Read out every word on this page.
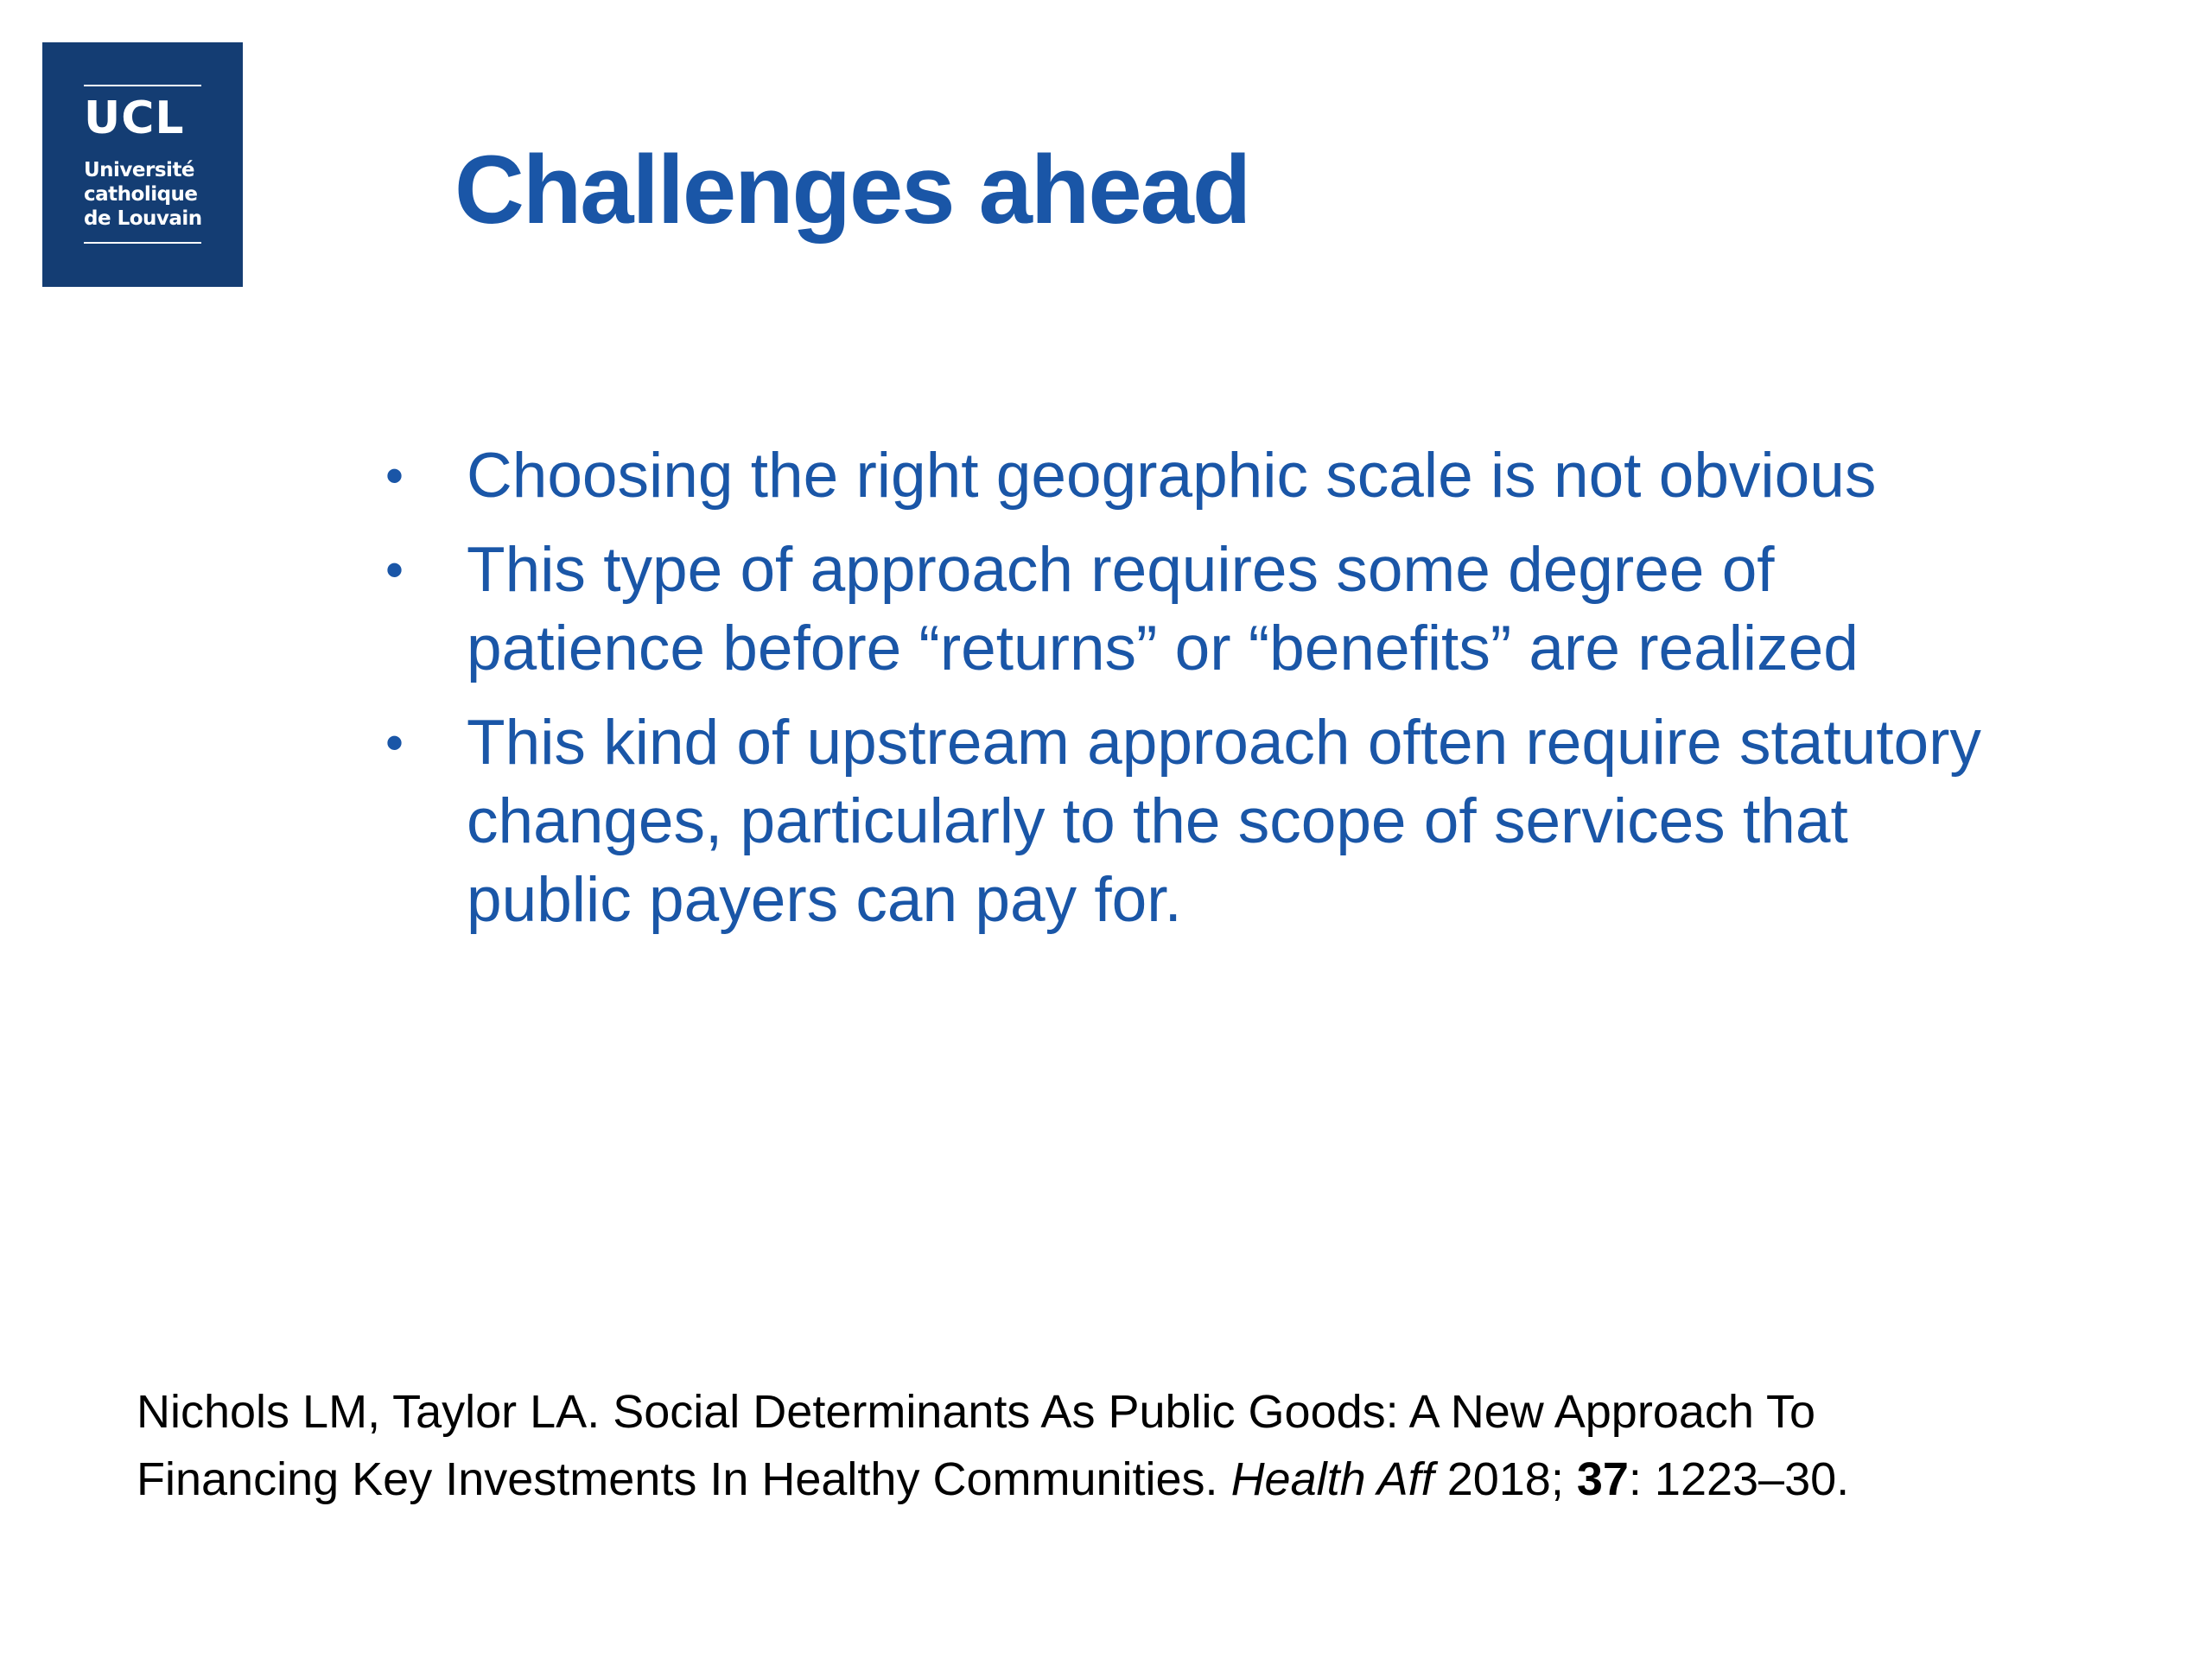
UCL
Université
catholique
de Louvain	Challenges ahead
• Choosing the right geographic scale is not obvious
• This type of approach requires some degree of patience before “returns” or “benefits” are realized
• This kind of upstream approach often require statutory changes, particularly to the scope of services that public payers can pay for.

Nichols LM, Taylor LA. Social Determinants As Public Goods: A New Approach To
Financing Key Investments In Healthy Communities. Health Aff 2018; 37: 1223–30.
